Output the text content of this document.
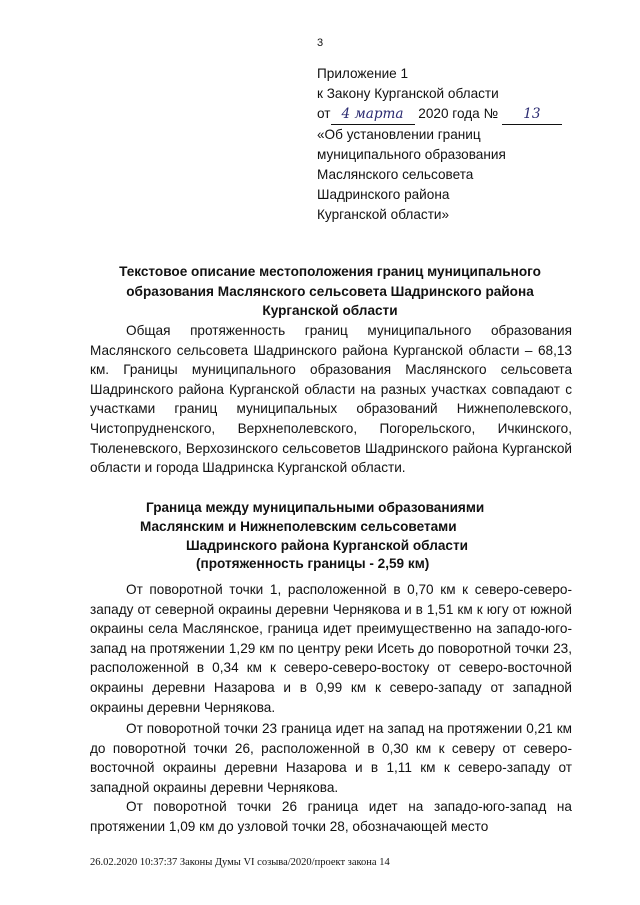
3
Приложение 1
к Закону Курганской области
от 4 марта 2020 года № 13
«Об установлении границ
муниципального образования
Маслянского сельсовета
Шадринского района
Курганской области»
Текстовое описание местоположения границ муниципального образования Маслянского сельсовета Шадринского района Курганской области

Общая протяженность границ муниципального образования Маслянского сельсовета Шадринского района Курганской области – 68,13 км. Границы муниципального образования Маслянского сельсовета Шадринского района Курганской области на разных участках совпадают с участками границ муниципальных образований Нижнеполевского, Чистопрудненского, Верхнеполевского, Погорельского, Ичкинского, Тюленевского, Верхозинского сельсоветов Шадринского района Курганской области и города Шадринска Курганской области.

Граница между муниципальными образованиями
Маслянским и Нижнеполевским сельсоветами
Шадринского района Курганской области
(протяженность границы - 2,59 км)

От поворотной точки 1, расположенной в 0,70 км к северо-северо-западу от северной окраины деревни Чернякова и в 1,51 км к югу от южной окраины села Маслянское, граница идет преимущественно на западо-юго-запад на протяжении 1,29 км по центру реки Исеть до поворотной точки 23, расположенной в 0,34 км к северо-северо-востоку от северо-восточной окраины деревни Назарова и в 0,99 км к северо-западу от западной окраины деревни Чернякова.

От поворотной точки 23 граница идет на запад на протяжении 0,21 км до поворотной точки 26, расположенной в 0,30 км к северу от северо-восточной окраины деревни Назарова и в 1,11 км к северо-западу от западной окраины деревни Чернякова.

От поворотной точки 26 граница идет на западо-юго-запад на протяжении 1,09 км до узловой точки 28, обозначающей место

26.02.2020 10:37:37 Законы Думы VI созыва/2020/проект закона 14
